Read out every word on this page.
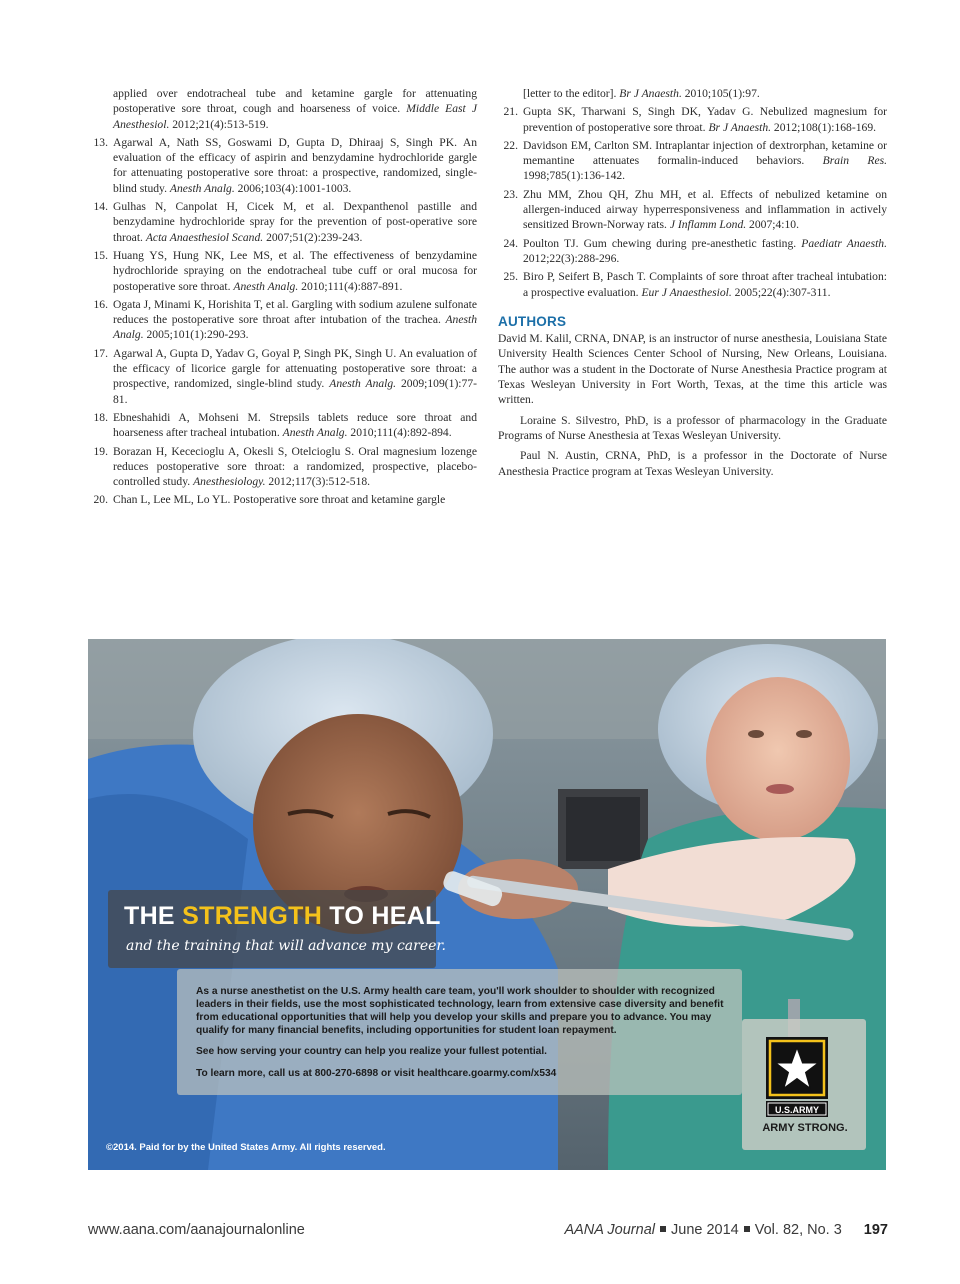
applied over endotracheal tube and ketamine gargle for attenuating postoperative sore throat, cough and hoarseness of voice. Middle East J Anesthesiol. 2012;21(4):513-519.
13. Agarwal A, Nath SS, Goswami D, Gupta D, Dhiraaj S, Singh PK. An evaluation of the efficacy of aspirin and benzydamine hydrochloride gargle for attenuating postoperative sore throat: a prospective, randomized, single-blind study. Anesth Analg. 2006;103(4):1001-1003.
14. Gulhas N, Canpolat H, Cicek M, et al. Dexpanthenol pastille and benzydamine hydrochloride spray for the prevention of post-operative sore throat. Acta Anaesthesiol Scand. 2007;51(2):239-243.
15. Huang YS, Hung NK, Lee MS, et al. The effectiveness of benzydamine hydrochloride spraying on the endotracheal tube cuff or oral mucosa for postoperative sore throat. Anesth Analg. 2010;111(4):887-891.
16. Ogata J, Minami K, Horishita T, et al. Gargling with sodium azulene sulfonate reduces the postoperative sore throat after intubation of the trachea. Anesth Analg. 2005;101(1):290-293.
17. Agarwal A, Gupta D, Yadav G, Goyal P, Singh PK, Singh U. An evaluation of the efficacy of licorice gargle for attenuating postoperative sore throat: a prospective, randomized, single-blind study. Anesth Analg. 2009;109(1):77-81.
18. Ebneshahidi A, Mohseni M. Strepsils tablets reduce sore throat and hoarseness after tracheal intubation. Anesth Analg. 2010;111(4):892-894.
19. Borazan H, Kececioglu A, Okesli S, Otelcioglu S. Oral magnesium lozenge reduces postoperative sore throat: a randomized, prospective, placebo-controlled study. Anesthesiology. 2012;117(3):512-518.
20. Chan L, Lee ML, Lo YL. Postoperative sore throat and ketamine gargle
[letter to the editor]. Br J Anaesth. 2010;105(1):97.
21. Gupta SK, Tharwani S, Singh DK, Yadav G. Nebulized magnesium for prevention of postoperative sore throat. Br J Anaesth. 2012;108(1):168-169.
22. Davidson EM, Carlton SM. Intraplantar injection of dextrorphan, ketamine or memantine attenuates formalin-induced behaviors. Brain Res. 1998;785(1):136-142.
23. Zhu MM, Zhou QH, Zhu MH, et al. Effects of nebulized ketamine on allergen-induced airway hyperresponsiveness and inflammation in actively sensitized Brown-Norway rats. J Inflamm Lond. 2007;4:10.
24. Poulton TJ. Gum chewing during pre-anesthetic fasting. Paediatr Anaesth. 2012;22(3):288-296.
25. Biro P, Seifert B, Pasch T. Complaints of sore throat after tracheal intubation: a prospective evaluation. Eur J Anaesthesiol. 2005;22(4):307-311.
AUTHORS

David M. Kalil, CRNA, DNAP, is an instructor of nurse anesthesia, Louisiana State University Health Sciences Center School of Nursing, New Orleans, Louisiana. The author was a student in the Doctorate of Nurse Anesthesia Practice program at Texas Wesleyan University in Fort Worth, Texas, at the time this article was written.

Loraine S. Silvestro, PhD, is a professor of pharmacology in the Graduate Programs of Nurse Anesthesia at Texas Wesleyan University.

Paul N. Austin, CRNA, PhD, is a professor in the Doctorate of Nurse Anesthesia Practice program at Texas Wesleyan University.

THE STRENGTH TO HEAL
and the training that will advance my career.
As a nurse anesthetist on the U.S. Army health care team, you'll work shoulder to shoulder with recognized leaders in their fields, use the most sophisticated technology, learn from extensive case diversity and benefit from educational opportunities that will help you develop your skills and prepare you to advance. You may qualify for many financial benefits, including opportunities for student loan repayment.
See how serving your country can help you realize your fullest potential.
To learn more, call us at 800-270-6898 or visit healthcare.goarmy.com/x534
©2014. Paid for by the United States Army. All rights reserved.
U.S.ARMY
ARMY STRONG.
www.aana.com/aanajournalonline	AANA Journal June 2014 Vol. 82, No. 3 197
